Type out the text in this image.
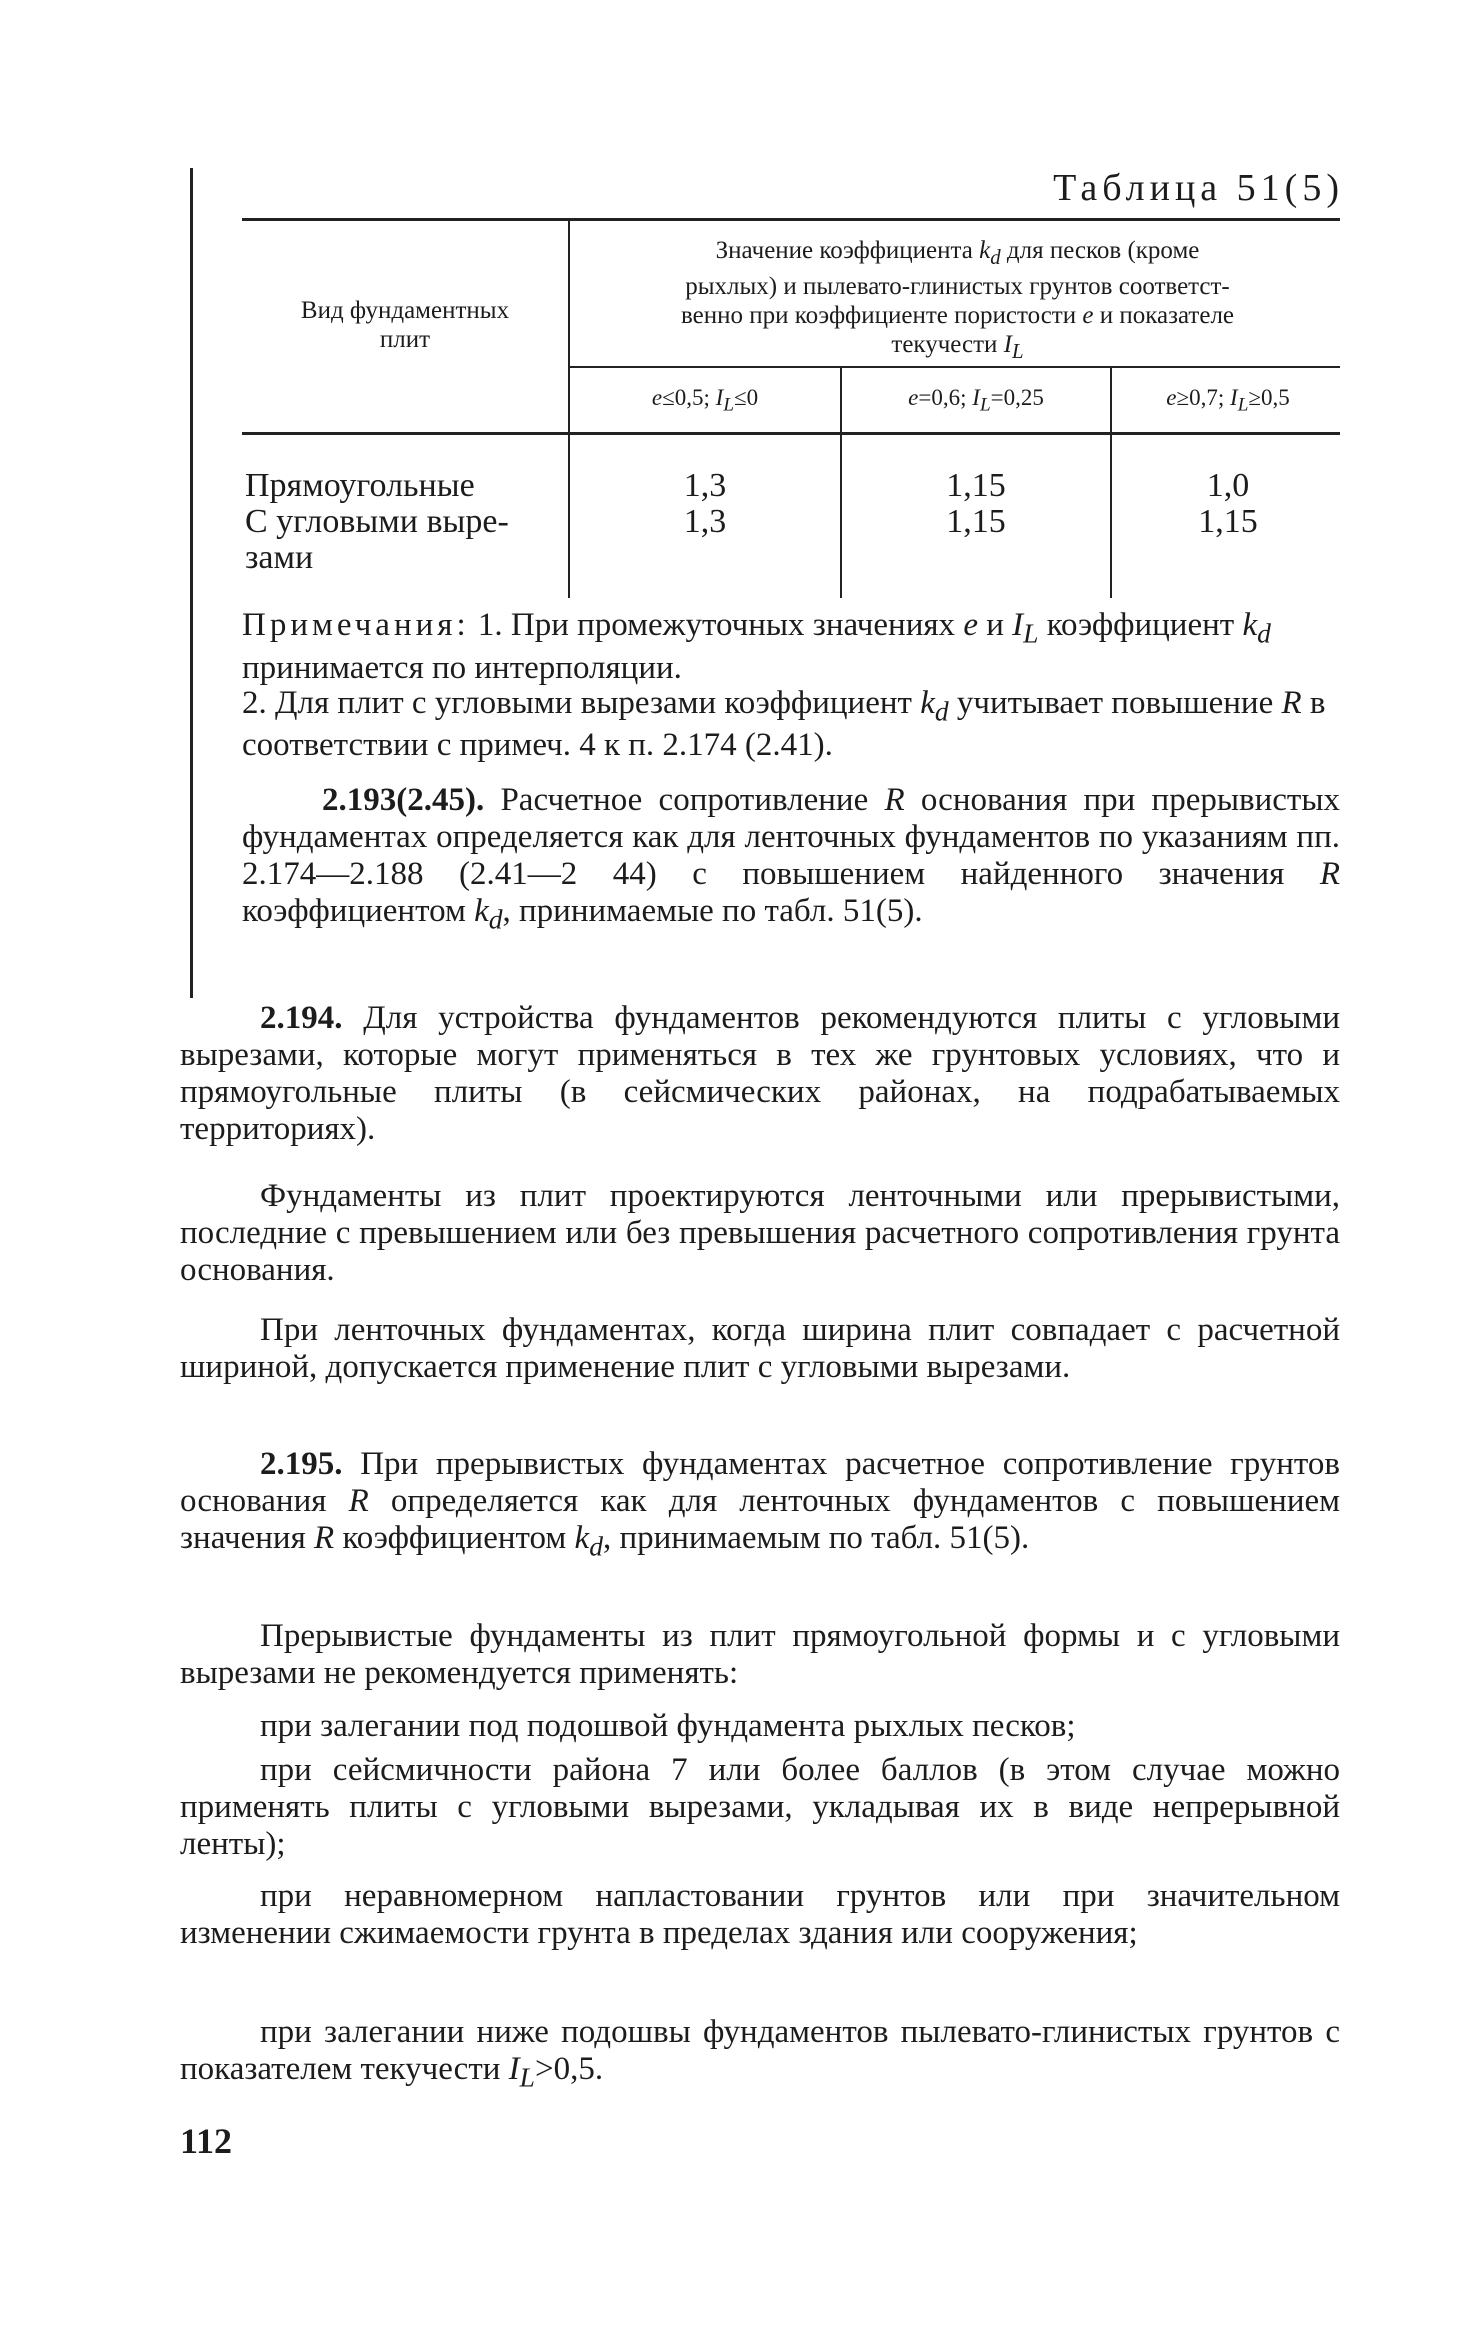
Таблица 51(5)
Вид фундаментных
плит
Значение коэффициента $k_d$ для песков (кроме
рыхлых) и пылевато-глинистых грунтов соответст-
венно при коэффициенте пористости e и показателе
текучести $I_L$
e≤0,5; $I_L\le 0$	e=0,6; $I_L=0,25$	e≥0,7; $I_L\ge 0,5$
Прямоугольные
С угловыми выре-
зами
1,3
1,3
1,15
1,15
1,0
1,15
Примечания: 1. При промежуточных значениях e и $I_L$ коэффициент $k_d$ принимается по интерполяции.
2. Для плит с угловыми вырезами коэффициент $k_d$ учитывает повышение R в соответствии с примеч. 4 к п. 2.174 (2.41).
2.193(2.45). Расчетное сопротивление R основания при прерывистых фундаментах определяется как для ленточных фундаментов по указаниям пп. 2.174—2.188 (2.41—2 44) с повышением найденного значения R коэффициентом $k_d$, принимаемые по табл. 51(5).
2.194. Для устройства фундаментов рекомендуются плиты с угловыми вырезами, которые могут применяться в тех же грунтовых условиях, что и прямоугольные плиты (в сейсмических районах, на подрабатываемых территориях).
Фундаменты из плит проектируются ленточными или прерывистыми, последние с превышением или без превышения расчетного сопротивления грунта основания.
При ленточных фундаментах, когда ширина плит совпадает с расчетной шириной, допускается применение плит с угловыми вырезами.
2.195. При прерывистых фундаментах расчетное сопротивление грунтов основания R определяется как для ленточных фундаментов с повышением значения R коэффициентом $k_d$, принимаемым по табл. 51(5).
Прерывистые фундаменты из плит прямоугольной формы и с угловыми вырезами не рекомендуется применять:
при залегании под подошвой фундамента рыхлых песков;
при сейсмичности района 7 или более баллов (в этом случае можно применять плиты с угловыми вырезами, укладывая их в виде непрерывной ленты);
при неравномерном напластовании грунтов или при значительном изменении сжимаемости грунта в пределах здания или сооружения;
при залегании ниже подошвы фундаментов пылевато-глинистых грунтов с показателем текучести $I_L>0,5$.
112
